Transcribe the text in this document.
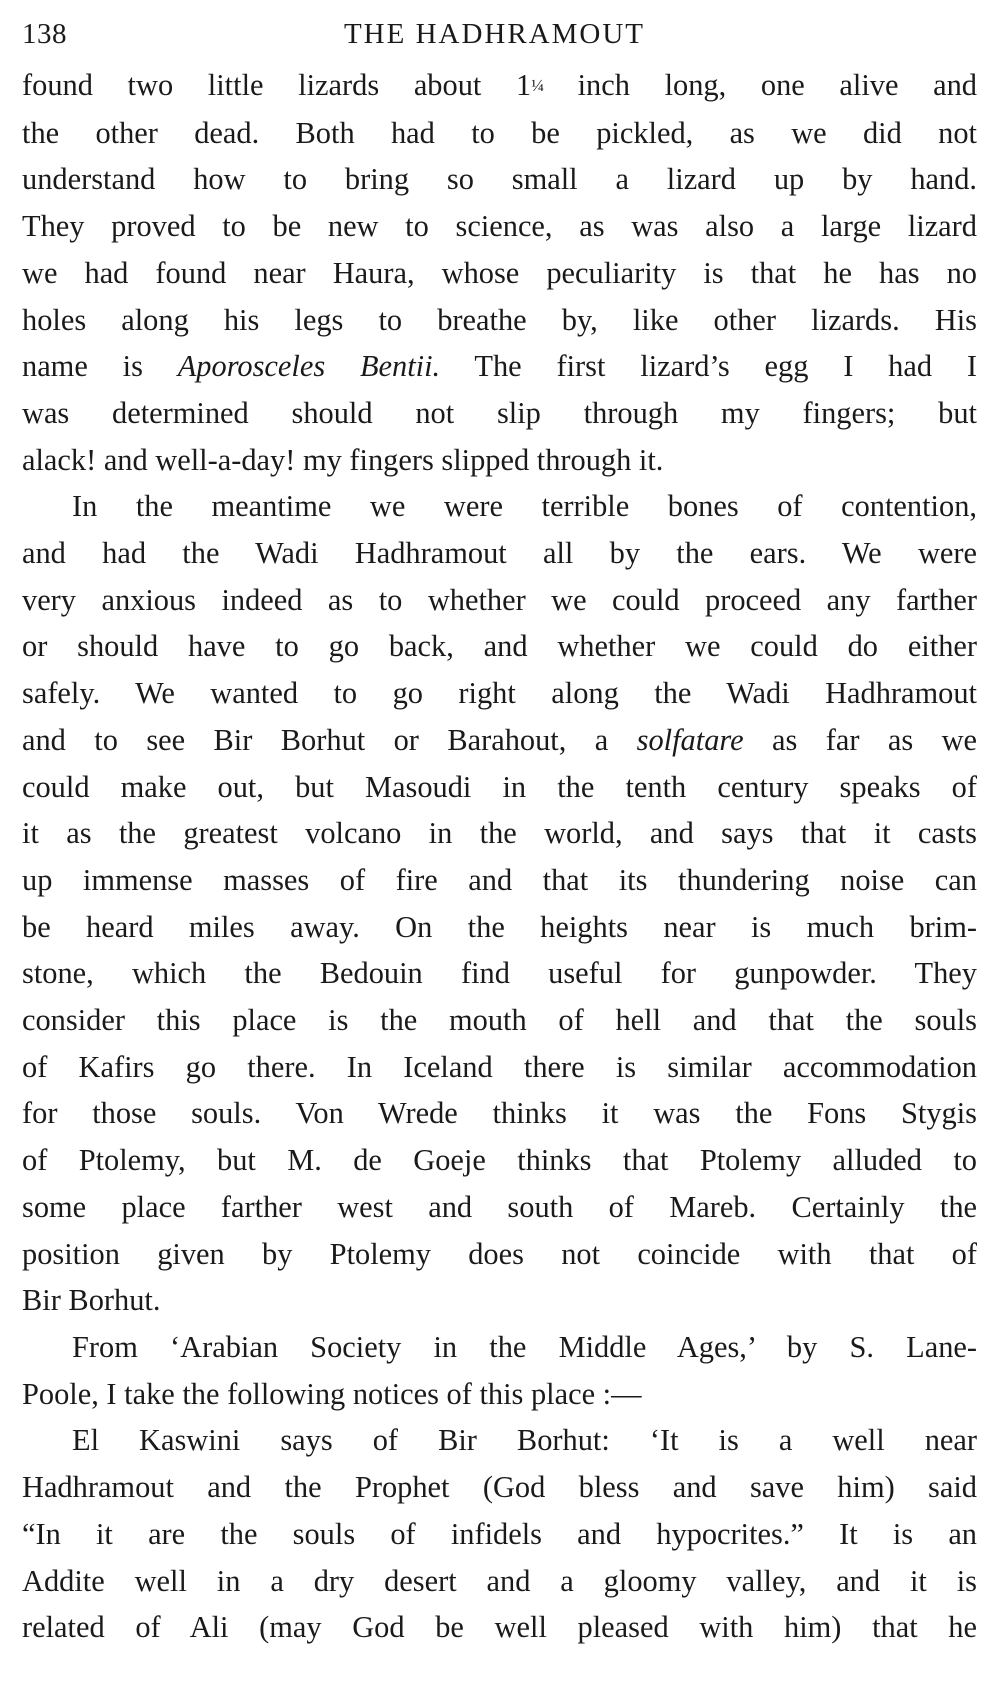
138	THE HADHRAMOUT
found two little lizards about 1¼ inch long, one alive and
the other dead. Both had to be pickled, as we did not
understand how to bring so small a lizard up by hand.
They proved to be new to science, as was also a large lizard
we had found near Haura, whose peculiarity is that he has no
holes along his legs to breathe by, like other lizards. His
name is Aporosceles Bentii. The first lizard’s egg I had I
was determined should not slip through my fingers; but
alack! and well-a-day! my fingers slipped through it.
In the meantime we were terrible bones of contention,
and had the Wadi Hadhramout all by the ears. We were
very anxious indeed as to whether we could proceed any farther
or should have to go back, and whether we could do either
safely. We wanted to go right along the Wadi Hadhramout
and to see Bir Borhut or Barahout, a solfatare as far as we
could make out, but Masoudi in the tenth century speaks of
it as the greatest volcano in the world, and says that it casts
up immense masses of fire and that its thundering noise can
be heard miles away. On the heights near is much brim-
stone, which the Bedouin find useful for gunpowder. They
consider this place is the mouth of hell and that the souls
of Kafirs go there. In Iceland there is similar accommodation
for those souls. Von Wrede thinks it was the Fons Stygis
of Ptolemy, but M. de Goeje thinks that Ptolemy alluded to
some place farther west and south of Mareb. Certainly the
position given by Ptolemy does not coincide with that of
Bir Borhut.
From ‘Arabian Society in the Middle Ages,’ by S. Lane-
Poole, I take the following notices of this place :—
El Kaswini says of Bir Borhut: ‘It is a well near
Hadhramout and the Prophet (God bless and save him) said
“In it are the souls of infidels and hypocrites.” It is an
Addite well in a dry desert and a gloomy valley, and it is
related of Ali (may God be well pleased with him) that he
